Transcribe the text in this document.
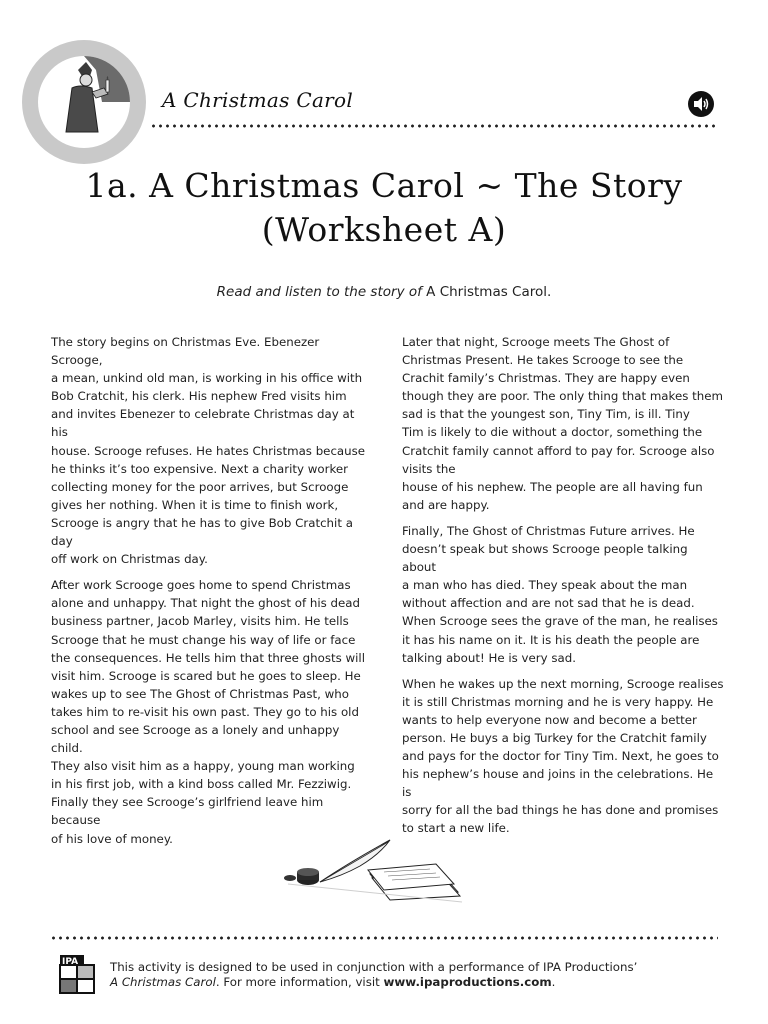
A Christmas Carol
1a. A Christmas Carol ~ The Story
(Worksheet A)
Read and listen to the story of A Christmas Carol.

The story begins on Christmas Eve. Ebenezer Scrooge,
a mean, unkind old man, is working in his office with
Bob Cratchit, his clerk. His nephew Fred visits him
and invites Ebenezer to celebrate Christmas day at his
house. Scrooge refuses. He hates Christmas because
he thinks it’s too expensive. Next a charity worker
collecting money for the poor arrives, but Scrooge
gives her nothing. When it is time to finish work,
Scrooge is angry that he has to give Bob Cratchit a day
off work on Christmas day.

After work Scrooge goes home to spend Christmas
alone and unhappy. That night the ghost of his dead
business partner, Jacob Marley, visits him. He tells
Scrooge that he must change his way of life or face
the consequences. He tells him that three ghosts will
visit him. Scrooge is scared but he goes to sleep. He
wakes up to see The Ghost of Christmas Past, who
takes him to re-visit his own past. They go to his old
school and see Scrooge as a lonely and unhappy child.
They also visit him as a happy, young man working
in his first job, with a kind boss called Mr. Fezziwig.
Finally they see Scrooge’s girlfriend leave him because
of his love of money.

Later that night, Scrooge meets The Ghost of
Christmas Present. He takes Scrooge to see the
Crachit family’s Christmas. They are happy even
though they are poor. The only thing that makes them
sad is that the youngest son, Tiny Tim, is ill. Tiny
Tim is likely to die without a doctor, something the
Cratchit family cannot afford to pay for. Scrooge also
visits the
house of his nephew. The people are all having fun
and are happy.

Finally, The Ghost of Christmas Future arrives. He
doesn’t speak but shows Scrooge people talking about
a man who has died. They speak about the man
without affection and are not sad that he is dead.
When Scrooge sees the grave of the man, he realises
it has his name on it. It is his death the people are
talking about! He is very sad.

When he wakes up the next morning, Scrooge realises
it is still Christmas morning and he is very happy. He
wants to help everyone now and become a better
person. He buys a big Turkey for the Cratchit family
and pays for the doctor for Tiny Tim. Next, he goes to
his nephew’s house and joins in the celebrations. He is
sorry for all the bad things he has done and promises
to start a new life.

IPA	This activity is designed to be used in conjunction with a performance of IPA Productions’
A Christmas Carol. For more information, visit www.ipaproductions.com.
